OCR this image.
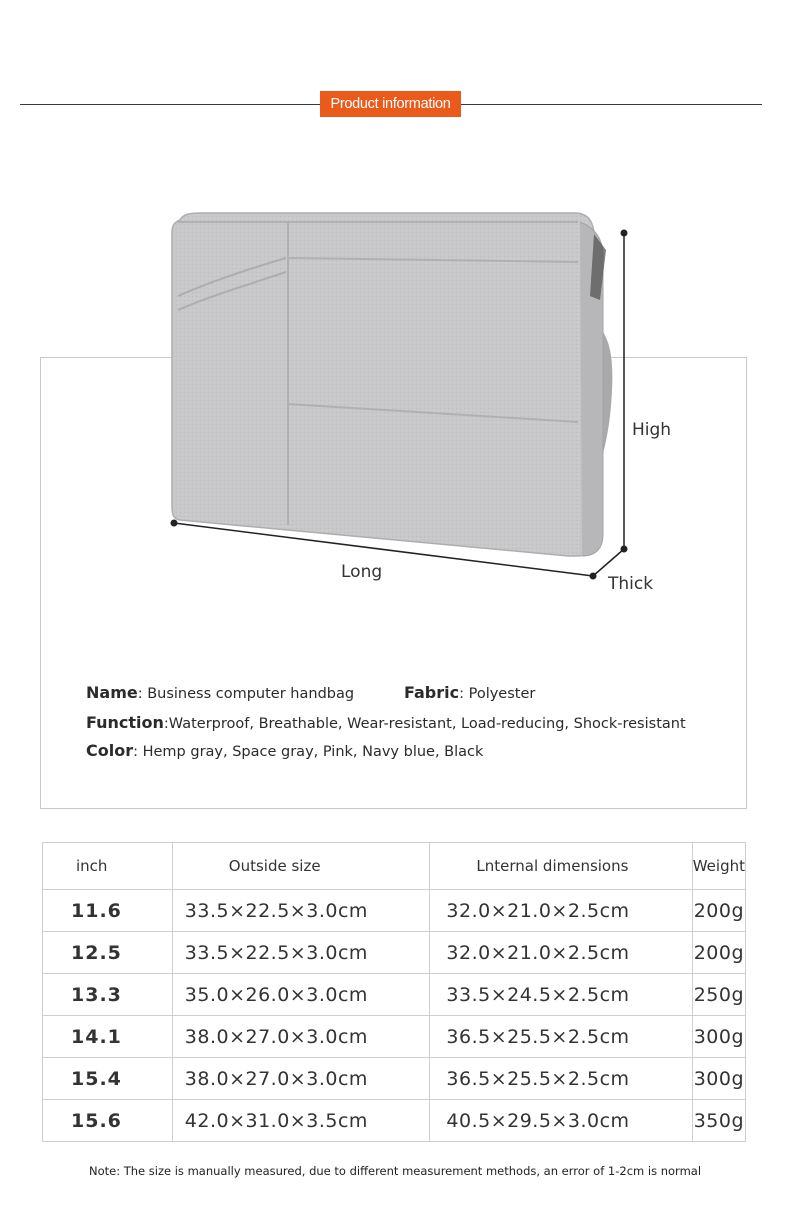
Product information
High
Long
Thick
Name: Business computer handbag	Fabric: Polyester
Function:Waterproof, Breathable, Wear-resistant, Load-reducing, Shock-resistant
Color: Hemp gray, Space gray, Pink, Navy blue, Black
inch	Outside size	Lnternal dimensions	Weight
11.6	33.5×22.5×3.0cm	32.0×21.0×2.5cm	200g
12.5	33.5×22.5×3.0cm	32.0×21.0×2.5cm	200g
13.3	35.0×26.0×3.0cm	33.5×24.5×2.5cm	250g
14.1	38.0×27.0×3.0cm	36.5×25.5×2.5cm	300g
15.4	38.0×27.0×3.0cm	36.5×25.5×2.5cm	300g
15.6	42.0×31.0×3.5cm	40.5×29.5×3.0cm	350g
Note: The size is manually measured, due to different measurement methods, an error of 1-2cm is normal
